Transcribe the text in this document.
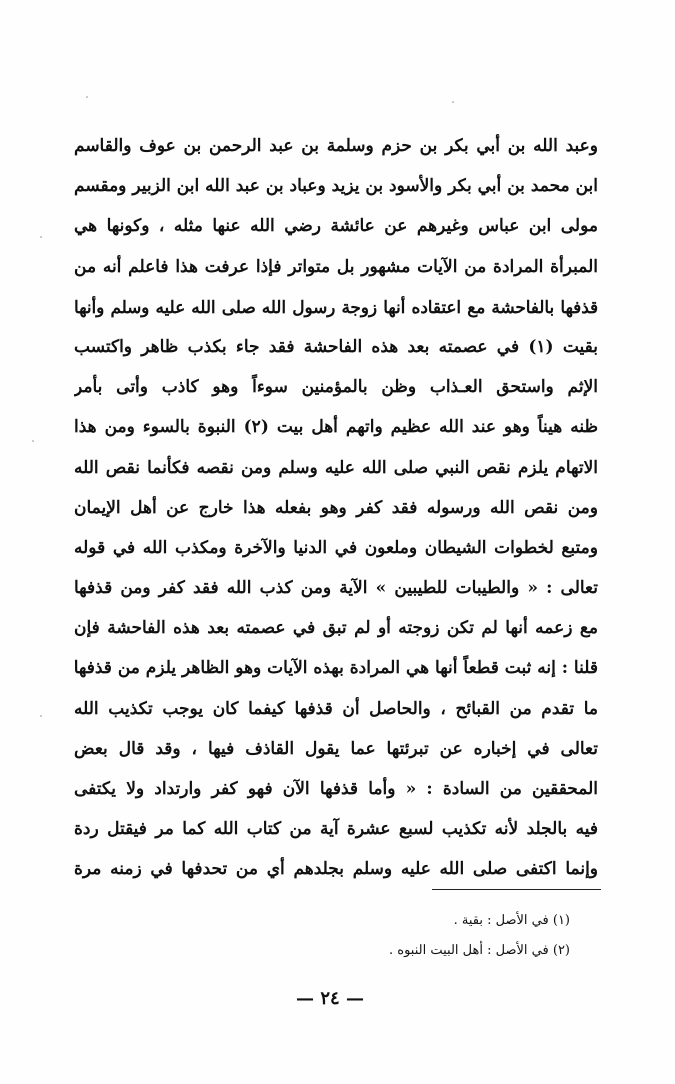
وعبد الله بن أبي بكر بن حزم وسلمة بن عبد الرحمن بن عوف والقاسم
ابن محمد بن أبي بكر والأسود بن يزيد وعباد بن عبد الله ابن الزبير ومقسم
مولى ابن عباس وغيرهم عن عائشة رضي الله عنها مثله ، وكونها هي
المبرأة المرادة من الآيات مشهور بل متواتر فإذا عرفت هذا فاعلم أنه من
قذفها بالفاحشة مع اعتقاده أنها زوجة رسول الله صلى الله عليه وسلم وأنها
بقيت (١) في عصمته بعد هذه الفاحشة فقد جاء بكذب ظاهر واكتسب
الإثم واستحق العـذاب وظن بالمؤمنين سوءاً وهو كاذب وأتى بأمر
ظنه هيناً وهو عند الله عظيم واتهم أهل بيت (٢) النبوة بالسوء ومن هذا
الاتهام يلزم نقص النبي صلى الله عليه وسلم ومن نقصه فكأنما نقص الله
ومن نقص الله ورسوله فقد كفر وهو بفعله هذا خارج عن أهل الإيمان
ومتبع لخطوات الشيطان وملعون في الدنيا والآخرة ومكذب الله في قوله
تعالى : « والطيبات للطيبين » الآية ومن كذب الله فقد كفر ومن قذفها
مع زعمه أنها لم تكن زوجته أو لم تبق في عصمته بعد هذه الفاحشة فإن
قلنا : إنه ثبت قطعاً أنها هي المرادة بهذه الآيات وهو الظاهر يلزم من قذفها
ما تقدم من القبائح ، والحاصل أن قذفها كيفما كان يوجب تكذيب الله
تعالى في إخباره عن تبرئتها عما يقول القاذف فيها ، وقد قال بعض
المحققين من السادة : « وأما قذفها الآن فهو كفر وارتداد ولا يكتفى
فيه بالجلد لأنه تكذيب لسبع عشرة آية من كتاب الله كما مر فيقتل ردة
وإنما اكتفى صلى الله عليه وسلم بجلدهم أي من تحدفها في زمنه مرة
(١) في الأصل : بقية .
(٢) في الأصل : أهل البيت النبوه .
— ٢٤ —
